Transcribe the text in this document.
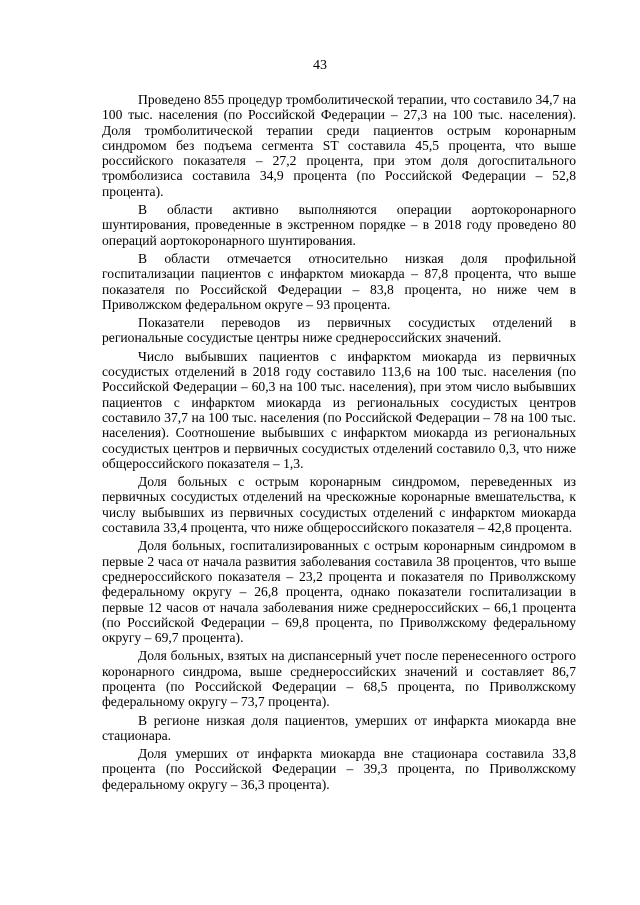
43

Проведено 855 процедур тромболитической терапии, что составило 34,7 на 100 тыс. населения (по Российской Федерации – 27,3 на 100 тыс. населения). Доля тромболитической терапии среди пациентов острым коронарным синдромом без подъема сегмента ST составила 45,5 процента, что выше российского показателя – 27,2 процента, при этом доля догоспитального тромболизиса составила 34,9 процента (по Российской Федерации – 52,8 процента).

В области активно выполняются операции аортокоронарного шунтирования, проведенные в экстренном порядке – в 2018 году проведено 80 операций аортокоронарного шунтирования.

В области отмечается относительно низкая доля профильной госпитализации пациентов с инфарктом миокарда – 87,8 процента, что выше показателя по Российской Федерации – 83,8 процента, но ниже чем в Приволжском федеральном округе – 93 процента.

Показатели переводов из первичных сосудистых отделений в региональные сосудистые центры ниже среднероссийских значений.

Число выбывших пациентов с инфарктом миокарда из первичных сосудистых отделений в 2018 году составило 113,6 на 100 тыс. населения (по Российской Федерации – 60,3 на 100 тыс. населения), при этом число выбывших пациентов с инфарктом миокарда из региональных сосудистых центров составило 37,7 на 100 тыс. населения (по Российской Федерации – 78 на 100 тыс. населения). Соотношение выбывших с инфарктом миокарда из региональных сосудистых центров и первичных сосудистых отделений составило 0,3, что ниже общероссийского показателя – 1,3.

Доля больных с острым коронарным синдромом, переведенных из первичных сосудистых отделений на чрескожные коронарные вмешательства, к числу выбывших из первичных сосудистых отделений с инфарктом миокарда составила 33,4 процента, что ниже общероссийского показателя – 42,8 процента.

Доля больных, госпитализированных с острым коронарным синдромом в первые 2 часа от начала развития заболевания составила 38 процентов, что выше среднероссийского показателя – 23,2 процента и показателя по Приволжскому федеральному округу – 26,8 процента, однако показатели госпитализации в первые 12 часов от начала заболевания ниже среднероссийских – 66,1 процента (по Российской Федерации – 69,8 процента, по Приволжскому федеральному округу – 69,7 процента).

Доля больных, взятых на диспансерный учет после перенесенного острого коронарного синдрома, выше среднероссийских значений и составляет 86,7 процента (по Российской Федерации – 68,5 процента, по Приволжскому федеральному округу – 73,7 процента).

В регионе низкая доля пациентов, умерших от инфаркта миокарда вне стационара.

Доля умерших от инфаркта миокарда вне стационара составила 33,8 процента (по Российской Федерации – 39,3 процента, по Приволжскому федеральному округу – 36,3 процента).
